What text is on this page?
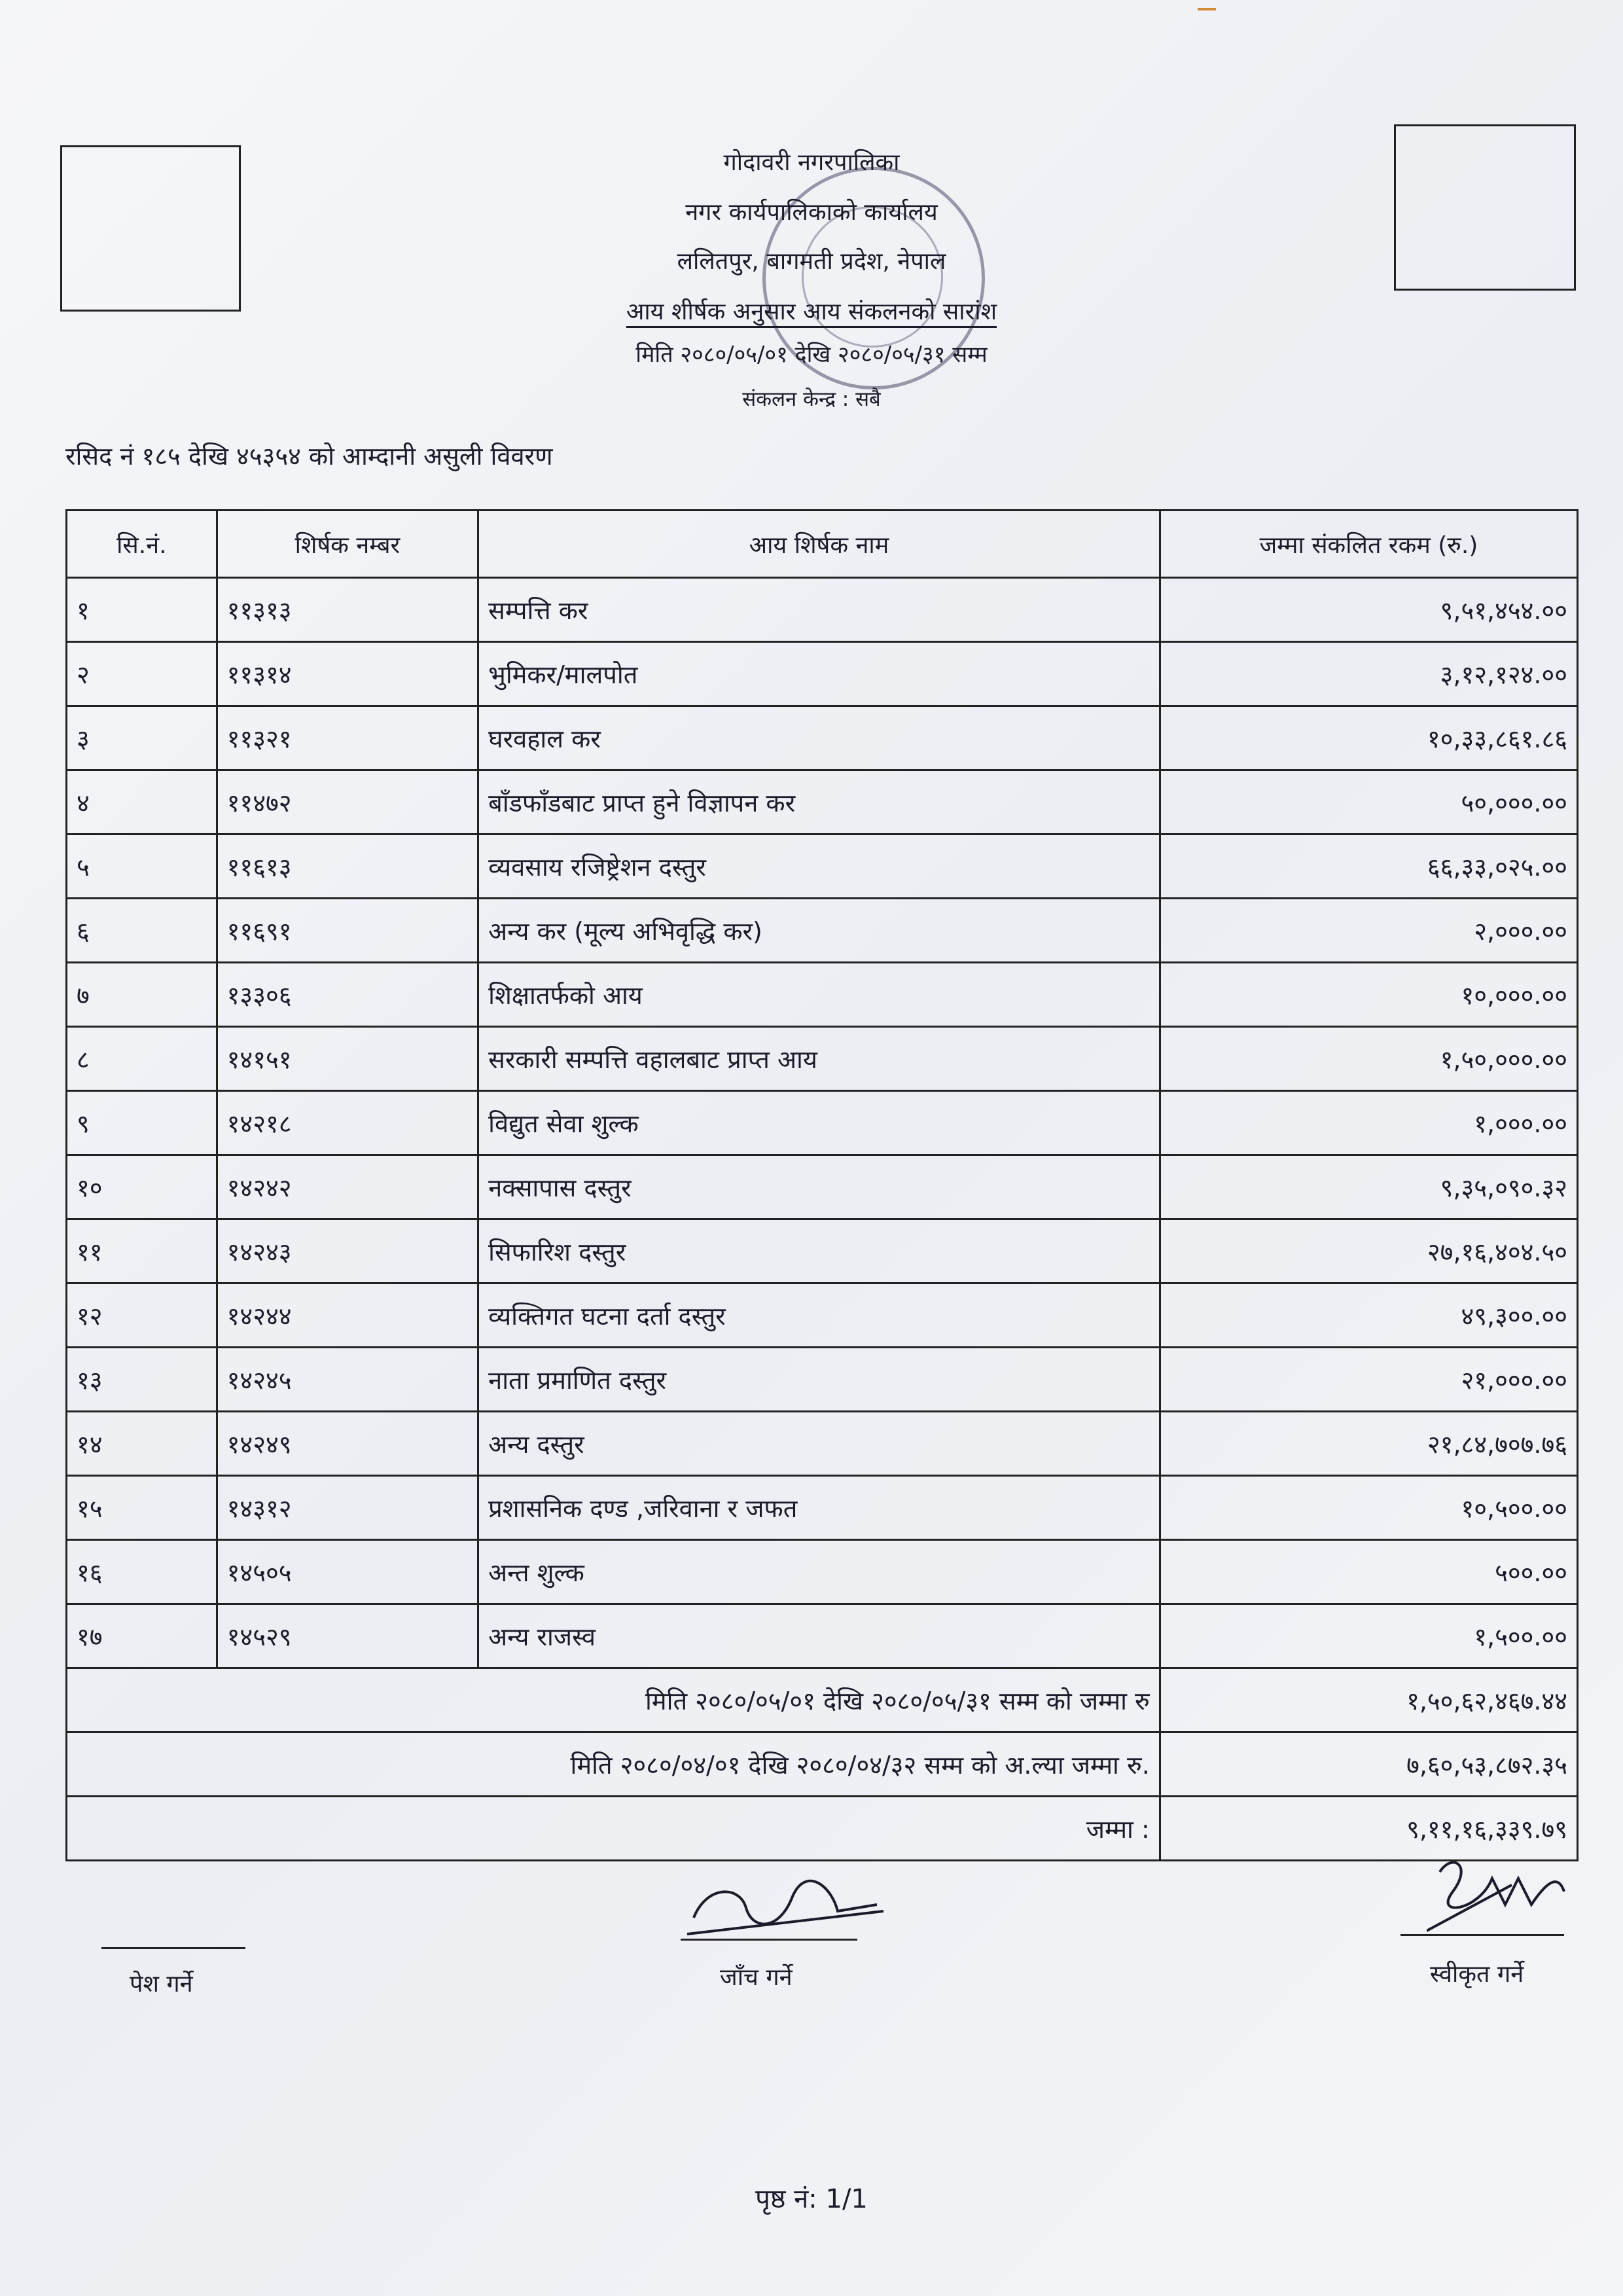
गोदावरी नगरपालिका
नगर कार्यपालिकाको कार्यालय
ललितपुर, बागमती प्रदेश, नेपाल
आय शीर्षक अनुसार आय संकलनको सारांश
मिति २०८०/०५/०१ देखि २०८०/०५/३१ सम्म
संकलन केन्द्र : सबै
रसिद नं १८५ देखि ४५३५४ को आम्दानी असुली विवरण
सि.नं.	शिर्षक नम्बर	आय शिर्षक नाम	जम्मा संकलित रकम (रु.)
१	११३१३	सम्पत्ति कर	९,५१,४५४.००
२	११३१४	भुमिकर/मालपोत	३,१२,१२४.००
३	११३२१	घरवहाल कर	१०,३३,८६१.८६
४	११४७२	बाँडफाँडबाट प्राप्त हुने विज्ञापन कर	५०,०००.००
५	११६१३	व्यवसाय रजिष्ट्रेशन दस्तुर	६६,३३,०२५.००
६	११६९१	अन्य कर (मूल्य अभिवृद्धि कर)	२,०००.००
७	१३३०६	शिक्षातर्फको आय	१०,०००.००
८	१४१५१	सरकारी सम्पत्ति वहालबाट प्राप्त आय	१,५०,०००.००
९	१४२१८	विद्युत सेवा शुल्क	१,०००.००
१०	१४२४२	नक्सापास दस्तुर	९,३५,०९०.३२
११	१४२४३	सिफारिश दस्तुर	२७,१६,४०४.५०
१२	१४२४४	व्यक्तिगत घटना दर्ता दस्तुर	४९,३००.००
१३	१४२४५	नाता प्रमाणित दस्तुर	२१,०००.००
१४	१४२४९	अन्य दस्तुर	२१,८४,७०७.७६
१५	१४३१२	प्रशासनिक दण्ड ,जरिवाना र जफत	१०,५००.००
१६	१४५०५	अन्त शुल्क	५००.००
१७	१४५२९	अन्य राजस्व	१,५००.००
मिति २०८०/०५/०१ देखि २०८०/०५/३१ सम्म को जम्मा रु			१,५०,६२,४६७.४४
मिति २०८०/०४/०१ देखि २०८०/०४/३२ सम्म को अ.ल्या जम्मा रु.			७,६०,५३,८७२.३५
जम्मा :			९,११,१६,३३९.७९
पेश गर्ने	जाँच गर्ने	स्वीकृत गर्ने
पृष्ठ नं: 1/1
